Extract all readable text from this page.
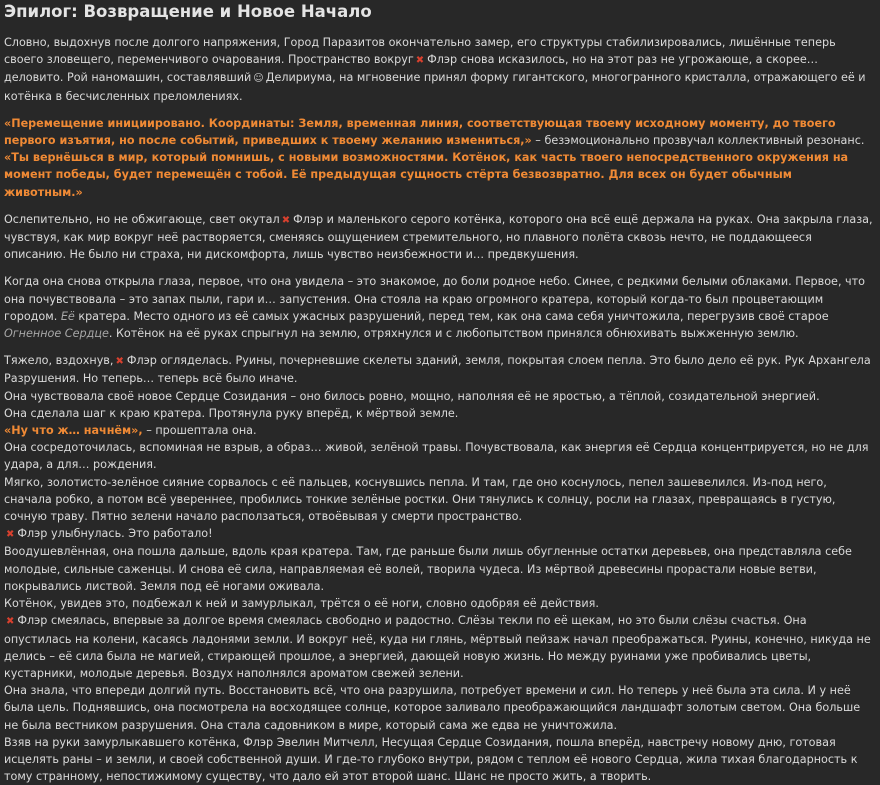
Эпилог: Возвращение и Новое Начало

Словно, выдохнув после долгого напряжения, Город Паразитов окончательно замер, его структуры стабилизировались, лишённые теперь своего зловещего, переменчивого очарования. Пространство вокруг ✖ Флэр снова исказилось, но на этот раз не угрожающе, а скорее… деловито. Рой наномашин, составлявший ☺ Делириума, на мгновение принял форму гигантского, многогранного кристалла, отражающего её и котёнка в бесчисленных преломлениях.

«Перемещение инициировано. Координаты: Земля, временная линия, соответствующая твоему исходному моменту, до твоего первого изъятия, но после событий, приведших к твоему желанию измениться,» – безэмоционально прозвучал коллективный резонанс. «Ты вернёшься в мир, который помнишь, с новыми возможностями. Котёнок, как часть твоего непосредственного окружения на момент победы, будет перемещён с тобой. Её предыдущая сущность стёрта безвозвратно. Для всех он будет обычным животным.»

Ослепительно, но не обжигающе, свет окутал ✖ Флэр и маленького серого котёнка, которого она всё ещё держала на руках. Она закрыла глаза, чувствуя, как мир вокруг неё растворяется, сменяясь ощущением стремительного, но плавного полёта сквозь нечто, не поддающееся описанию. Не было ни страха, ни дискомфорта, лишь чувство неизбежности и… предвкушения.

Когда она снова открыла глаза, первое, что она увидела – это знакомое, до боли родное небо. Синее, с редкими белыми облаками. Первое, что она почувствовала – это запах пыли, гари и… запустения. Она стояла на краю огромного кратера, который когда-то был процветающим городом. Её кратера. Место одного из её самых ужасных разрушений, перед тем, как она сама себя уничтожила, перегрузив своё старое Огненное Сердце. Котёнок на её руках спрыгнул на землю, отряхнулся и с любопытством принялся обнюхивать выжженную землю.

Тяжело, вздохнув, ✖ Флэр огляделась. Руины, почерневшие скелеты зданий, земля, покрытая слоем пепла. Это было дело её рук. Рук Архангела Разрушения. Но теперь… теперь всё было иначе.

Она чувствовала своё новое Сердце Созидания – оно билось ровно, мощно, наполняя её не яростью, а тёплой, созидательной энергией.

Она сделала шаг к краю кратера. Протянула руку вперёд, к мёртвой земле.

«Ну что ж… начнём», – прошептала она.

Она сосредоточилась, вспоминая не взрыв, а образ… живой, зелёной травы. Почувствовала, как энергия её Сердца концентрируется, но не для удара, а для… рождения.

Мягко, золотисто-зелёное сияние сорвалось с её пальцев, коснувшись пепла. И там, где оно коснулось, пепел зашевелился. Из-под него, сначала робко, а потом всё увереннее, пробились тонкие зелёные ростки. Они тянулись к солнцу, росли на глазах, превращаясь в густую, сочную траву. Пятно зелени начало расползаться, отвоёвывая у смерти пространство.

✖ Флэр улыбнулась. Это работало!

Воодушевлённая, она пошла дальше, вдоль края кратера. Там, где раньше были лишь обугленные остатки деревьев, она представляла себе молодые, сильные саженцы. И снова её сила, направляемая её волей, творила чудеса. Из мёртвой древесины прорастали новые ветви, покрывались листвой. Земля под её ногами оживала.

Котёнок, увидев это, подбежал к ней и замурлыкал, трётся о её ноги, словно одобряя её действия.

✖ Флэр смеялась, впервые за долгое время смеялась свободно и радостно. Слёзы текли по её щекам, но это были слёзы счастья. Она опустилась на колени, касаясь ладонями земли. И вокруг неё, куда ни глянь, мёртвый пейзаж начал преображаться. Руины, конечно, никуда не делись – её сила была не магией, стирающей прошлое, а энергией, дающей новую жизнь. Но между руинами уже пробивались цветы, кустарники, молодые деревья. Воздух наполнялся ароматом свежей зелени.

Она знала, что впереди долгий путь. Восстановить всё, что она разрушила, потребует времени и сил. Но теперь у неё была эта сила. И у неё была цель. Поднявшись, она посмотрела на восходящее солнце, которое заливало преображающийся ландшафт золотым светом. Она больше не была вестником разрушения. Она стала садовником в мире, который сама же едва не уничтожила.

Взяв на руки замурлыкавшего котёнка, Флэр Эвелин Митчелл, Несущая Сердце Созидания, пошла вперёд, навстречу новому дню, готовая исцелять раны – и земли, и своей собственной души. И где-то глубоко внутри, рядом с теплом её нового Сердца, жила тихая благодарность к тому странному, непостижимому существу, что дало ей этот второй шанс. Шанс не просто жить, а творить.
